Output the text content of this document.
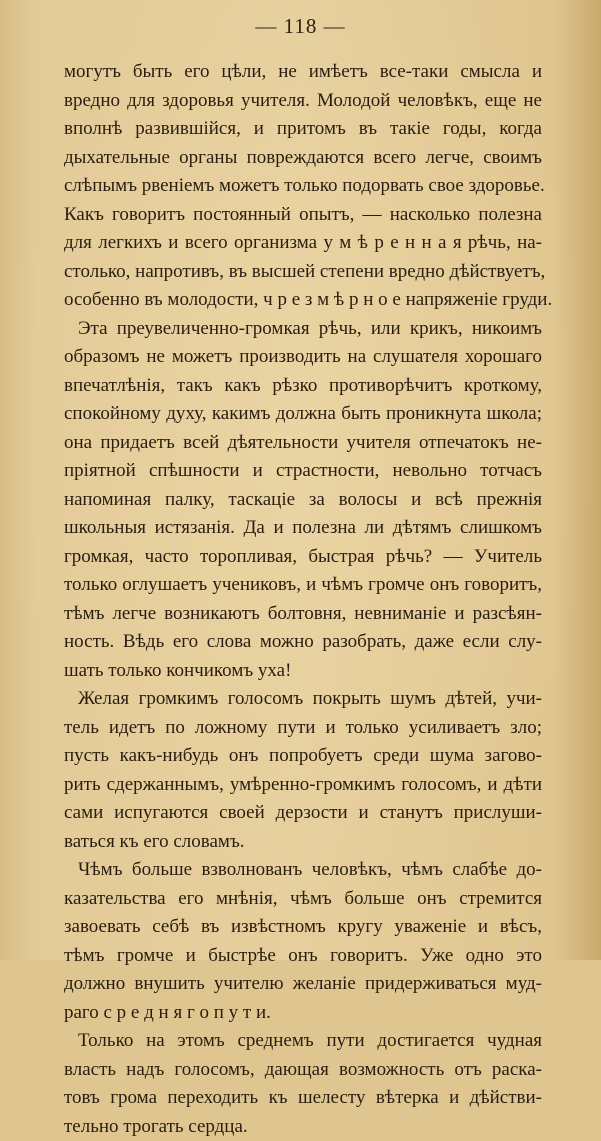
— 118 —
могутъ быть его цѣли, не имѣетъ все-таки смысла и
вредно для здоровья учителя. Молодой человѣкъ, еще не
вполнѣ развившійся, и притомъ въ такіе годы, когда
дыхательные органы повреждаются всего легче, своимъ
слѣпымъ рвеніемъ можетъ только подорвать свое здоровье.
Какъ говоритъ постоянный опытъ, — насколько полезна
для легкихъ и всего организма у м ѣ р е н н а я рѣчь, на-
столько, напротивъ, въ высшей степени вредно дѣйствуетъ,
особенно въ молодости, ч р е з м ѣ р н о е напряженіе груди.
Эта преувеличенно-громкая рѣчь, или крикъ, никоимъ
образомъ не можетъ производить на слушателя хорошаго
впечатлѣнія, такъ какъ рѣзко противорѣчитъ кроткому,
спокойному духу, какимъ должна быть проникнута школа;
она придаетъ всей дѣятельности учителя отпечатокъ не-
пріятной спѣшности и страстности, невольно тотчасъ
напоминая палку, таскаціе за волосы и всѣ прежнія
школьныя истязанія. Да и полезна ли дѣтямъ слишкомъ
громкая, часто торопливая, быстрая рѣчь? — Учитель
только оглушаетъ учениковъ, и чѣмъ громче онъ говоритъ,
тѣмъ легче возникаютъ болтовня, невниманіе и разсѣян-
ность. Вѣдь его слова можно разобрать, даже если слу-
шать только кончикомъ уха!
Желая громкимъ голосомъ покрыть шумъ дѣтей, учи-
тель идетъ по ложному пути и только усиливаетъ зло;
пусть какъ-нибудь онъ попробуетъ среди шума загово-
рить сдержаннымъ, умѣренно-громкимъ голосомъ, и дѣти
сами испугаются своей дерзости и станутъ прислуши-
ваться къ его словамъ.
Чѣмъ больше взволнованъ человѣкъ, чѣмъ слабѣе до-
казательства его мнѣнія, чѣмъ больше онъ стремится
завоевать себѣ въ извѣстномъ кругу уваженіе и вѣсъ,
тѣмъ громче и быстрѣе онъ говоритъ. Уже одно это
должно внушить учителю желаніе придерживаться муд-
раго с р е д н я г о п у т и.
Только на этомъ среднемъ пути достигается чудная
власть надъ голосомъ, дающая возможность отъ раска-
товъ грома переходить къ шелесту вѣтерка и дѣйстви-
тельно трогать сердца.
